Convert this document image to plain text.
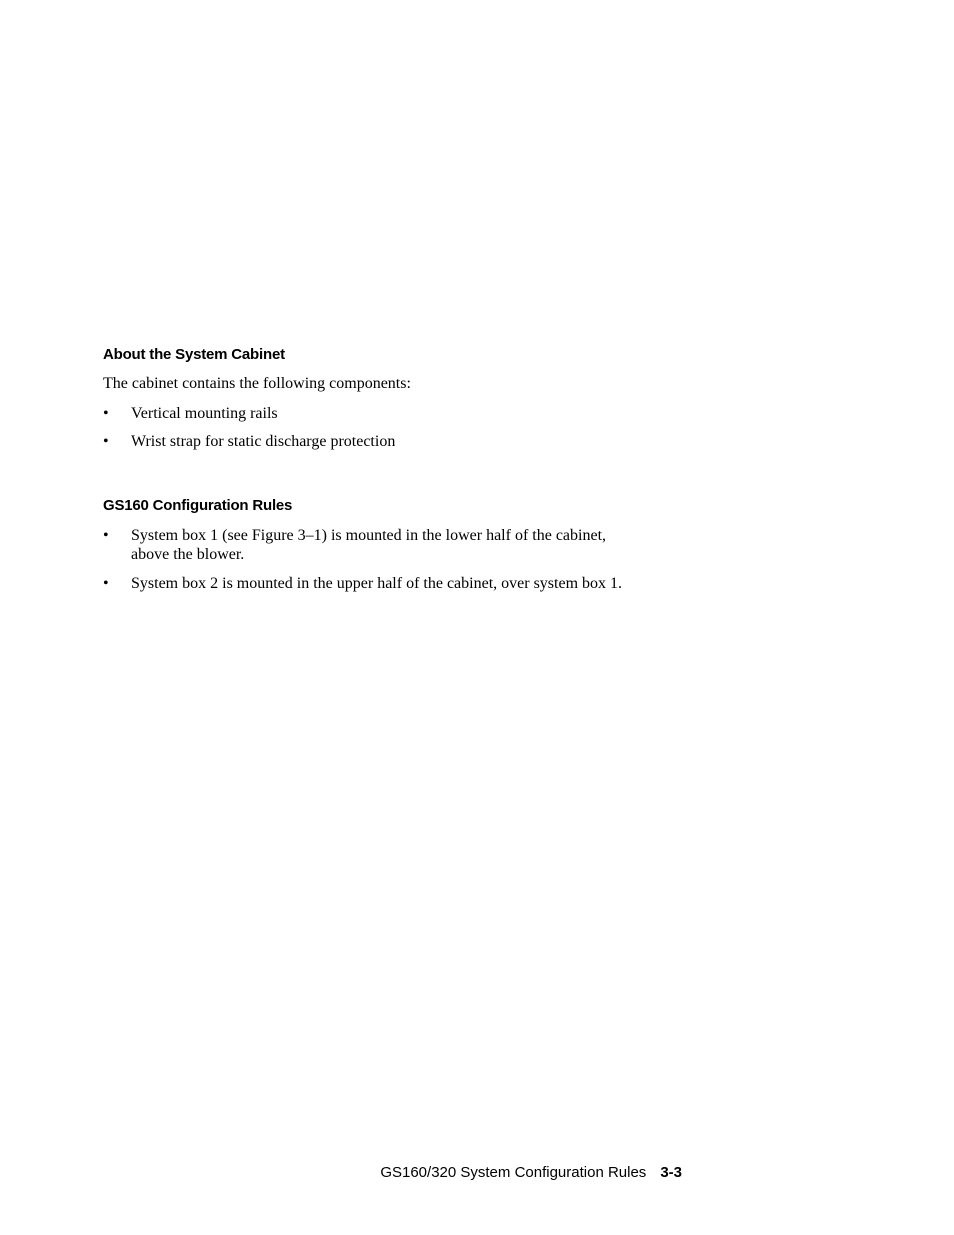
About the System Cabinet

The cabinet contains the following components:

• Vertical mounting rails
• Wrist strap for static discharge protection
GS160 Configuration Rules
• System box 1 (see Figure 3–1) is mounted in the lower half of the cabinet,
above the blower.
• System box 2 is mounted in the upper half of the cabinet, over system box 1.
GS160/320 System Configuration Rules 3-3
